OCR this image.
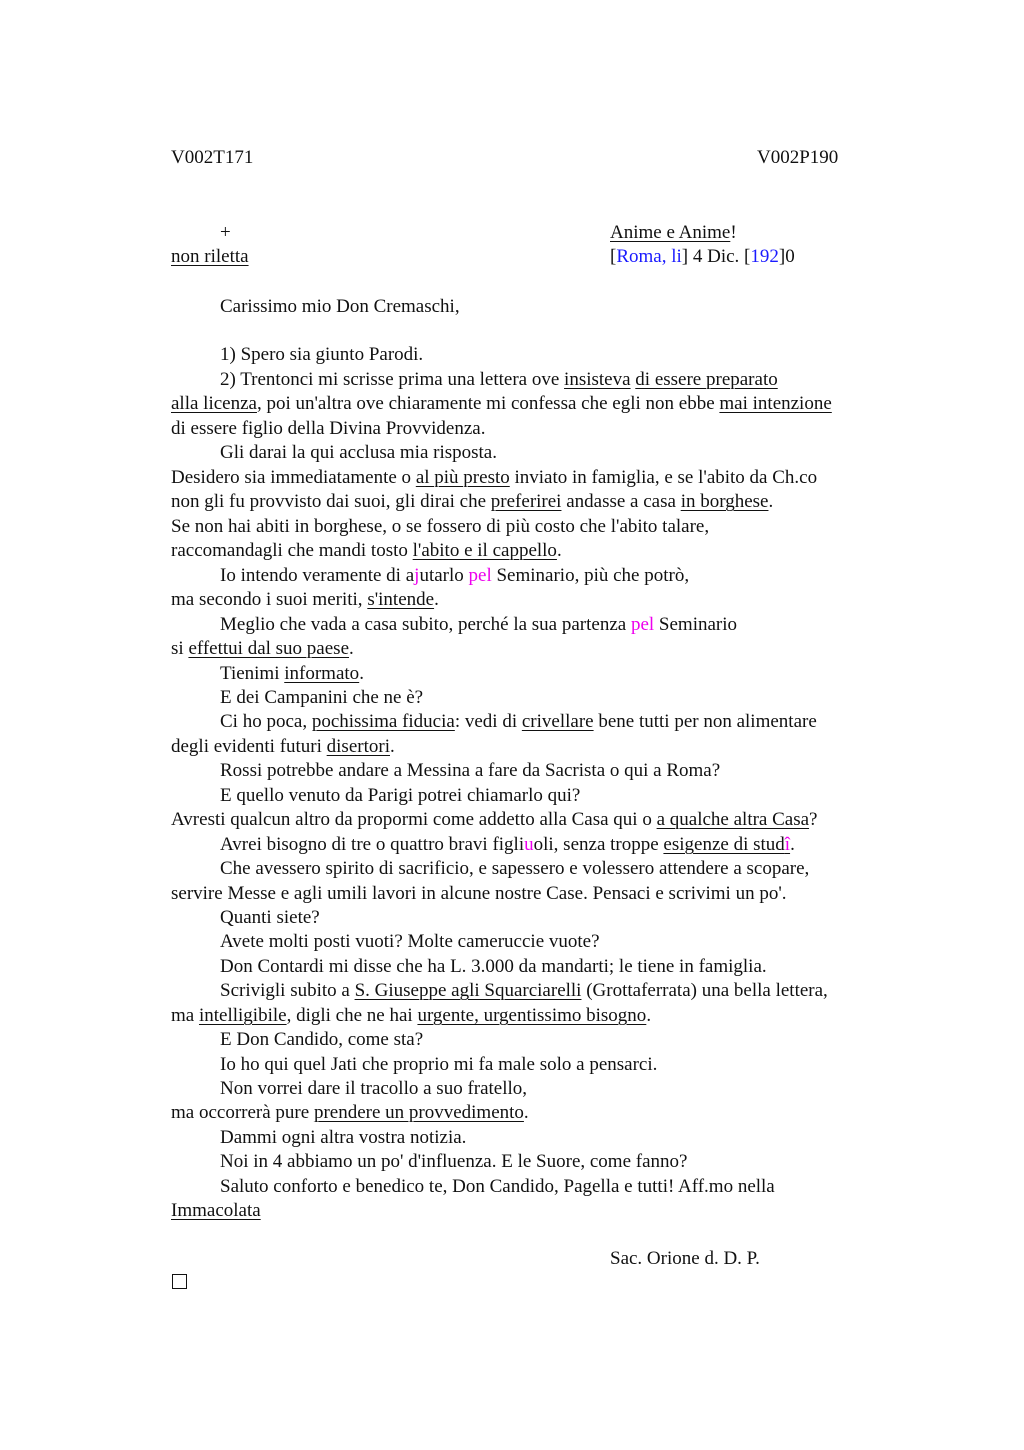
V002T171	V002P190
+	Anime e Anime!
non riletta	[Roma, li] 4 Dic. [192]0
Carissimo mio Don Cremaschi,
1) Spero sia giunto Parodi.
2) Trentonci mi scrisse prima una lettera ove insisteva di essere preparato
alla licenza, poi un'altra ove chiaramente mi confessa che egli non ebbe mai intenzione
di essere figlio della Divina Provvidenza.
Gli darai la qui acclusa mia risposta.
Desidero sia immediatamente o al più presto inviato in famiglia, e se l'abito da Ch.co
non gli fu provvisto dai suoi, gli dirai che preferirei andasse a casa in borghese.
Se non hai abiti in borghese, o se fossero di più costo che l'abito talare,
raccomandagli che mandi tosto l'abito e il cappello.
Io intendo veramente di ajutarlo pel Seminario, più che potrò,
ma secondo i suoi meriti, s'intende.
Meglio che vada a casa subito, perché la sua partenza pel Seminario
si effettui dal suo paese.
Tienimi informato.
E dei Campanini che ne è?
Ci ho poca, pochissima fiducia: vedi di crivellare bene tutti per non alimentare
degli evidenti futuri disertori.
Rossi potrebbe andare a Messina a fare da Sacrista o qui a Roma?
E quello venuto da Parigi potrei chiamarlo qui?
Avresti qualcun altro da propormi come addetto alla Casa qui o a qualche altra Casa?
Avrei bisogno di tre o quattro bravi figliuoli, senza troppe esigenze di studî.
Che avessero spirito di sacrificio, e sapessero e volessero attendere a scopare,
servire Messe e agli umili lavori in alcune nostre Case. Pensaci e scrivimi un po'.
Quanti siete?
Avete molti posti vuoti? Molte cameruccie vuote?
Don Contardi mi disse che ha L. 3.000 da mandarti; le tiene in famiglia.
Scrivigli subito a S. Giuseppe agli Squarciarelli (Grottaferrata) una bella lettera,
ma intelligibile, digli che ne hai urgente, urgentissimo bisogno.
E Don Candido, come sta?
Io ho qui quel Jati che proprio mi fa male solo a pensarci.
Non vorrei dare il tracollo a suo fratello,
ma occorrerà pure prendere un provvedimento.
Dammi ogni altra vostra notizia.
Noi in 4 abbiamo un po' d'influenza. E le Suore, come fanno?
Saluto conforto e benedico te, Don Candido, Pagella e tutti! Aff.mo nella
Immacolata
Sac. Orione d. D. P.
